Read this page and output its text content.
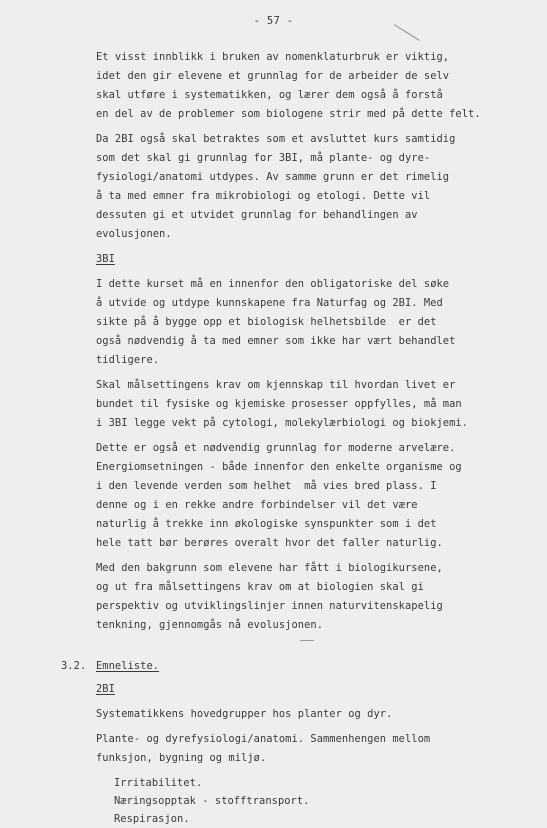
- 57 -
Et visst innblikk i bruken av nomenklaturbruk er viktig,
idet den gir elevene et grunnlag for de arbeider de selv
skal utføre i systematikken, og lærer dem også å forstå
en del av de problemer som biologene strir med på dette felt.
Da 2BI også skal betraktes som et avsluttet kurs samtidig
som det skal gi grunnlag for 3BI, må plante- og dyre-
fysiologi/anatomi utdypes. Av samme grunn er det rimelig
å ta med emner fra mikrobiologi og etologi. Dette vil
dessuten gi et utvidet grunnlag for behandlingen av
evolusjonen.
3BI
I dette kurset må en innenfor den obligatoriske del søke
å utvide og utdype kunnskapene fra Naturfag og 2BI. Med
sikte på å bygge opp et biologisk helhetsbilde  er det
også nødvendig å ta med emner som ikke har vært behandlet
tidligere.
Skal målsettingens krav om kjennskap til hvordan livet er
bundet til fysiske og kjemiske prosesser oppfylles, må man
i 3BI legge vekt på cytologi, molekylærbiologi og biokjemi.
Dette er også et nødvendig grunnlag for moderne arvelære.
Energiomsetningen - både innenfor den enkelte organisme og
i den levende verden som helhet  må vies bred plass. I
denne og i en rekke andre forbindelser vil det være
naturlig å trekke inn økologiske synspunkter som i det
hele tatt bør berøres overalt hvor det faller naturlig.
Med den bakgrunn som elevene har fått i biologikursene,
og ut fra målsettingens krav om at biologien skal gi
perspektiv og utviklingslinjer innen naturvitenskapelig
tenkning, gjennomgås nå evolusjonen.
3.2. Emneliste.
2BI
Systematikkens hovedgrupper hos planter og dyr.
Plante- og dyrefysiologi/anatomi. Sammenhengen mellom
funksjon, bygning og miljø.
Irritabilitet.
Næringsopptak - stofftransport.
Respirasjon.
